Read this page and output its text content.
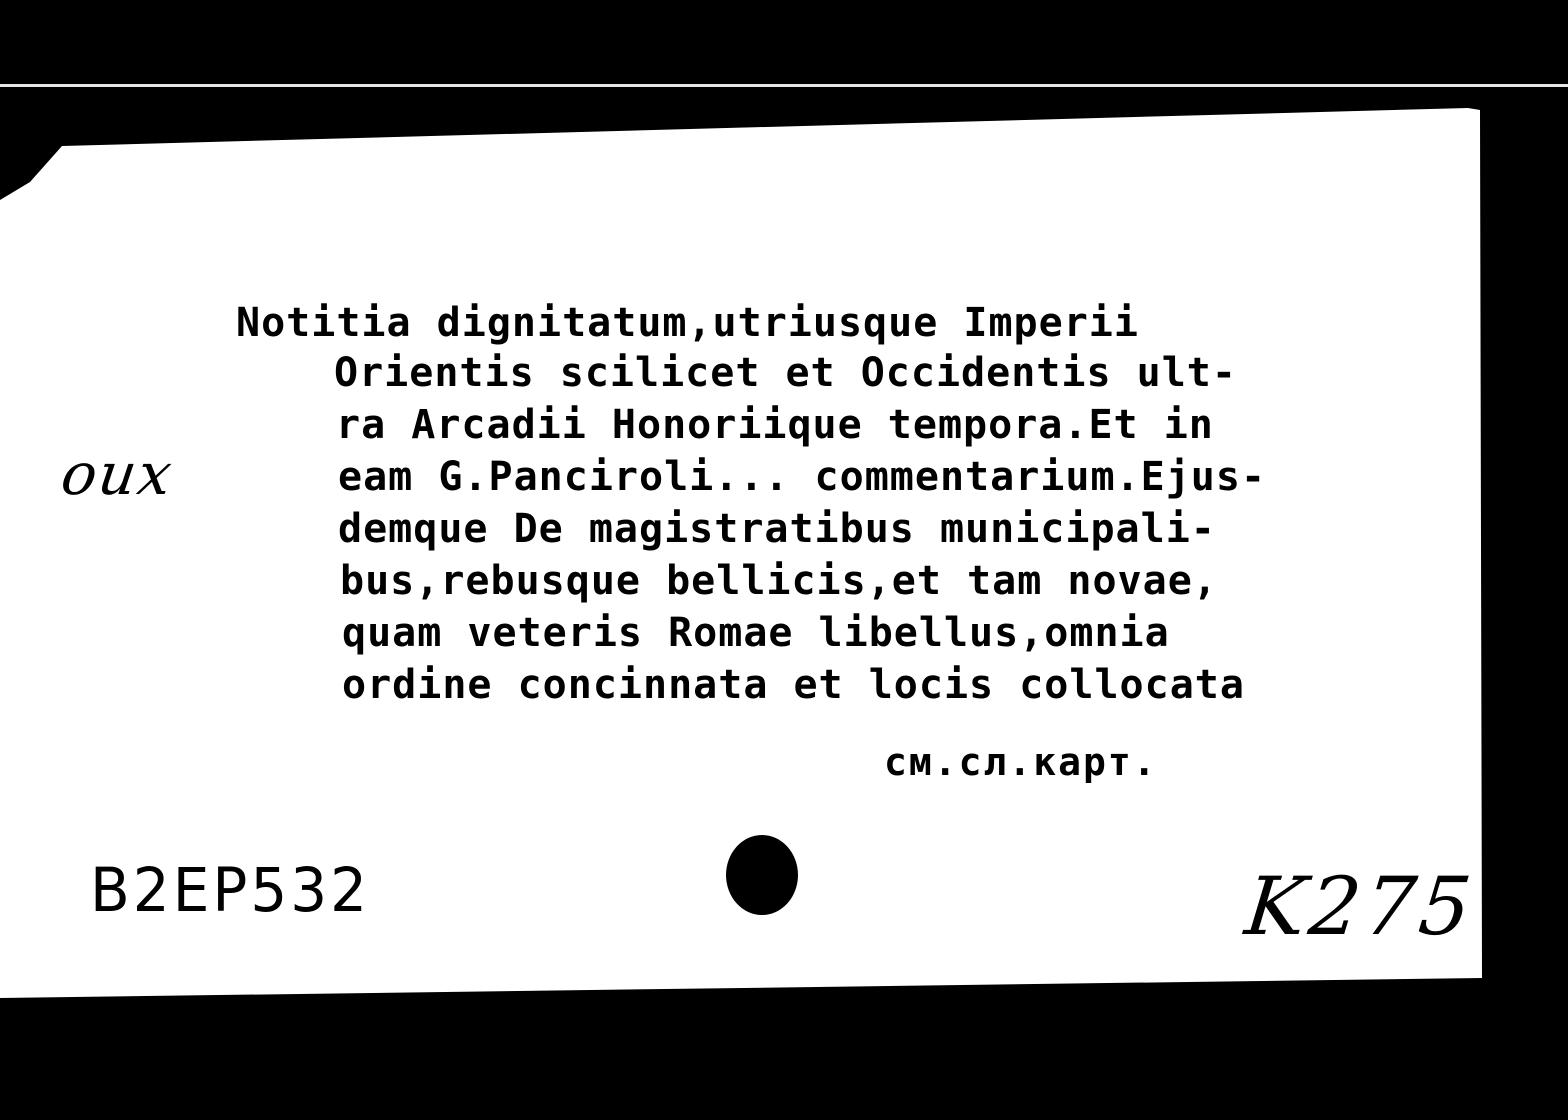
Notitia dignitatum,utriusque Imperii

Orientis scilicet et Occidentis ult-

ra Arcadii Honoriique tempora.Et in

eam G.Panciroli... commentarium.Ejus-

demque De magistratibus municipali-

bus,rebusque bellicis,et tam novae,

quam veteris Romae libellus,omnia

ordine concinnata et locis collocata

см.сл.карт.
оих
B2EP532	K275
